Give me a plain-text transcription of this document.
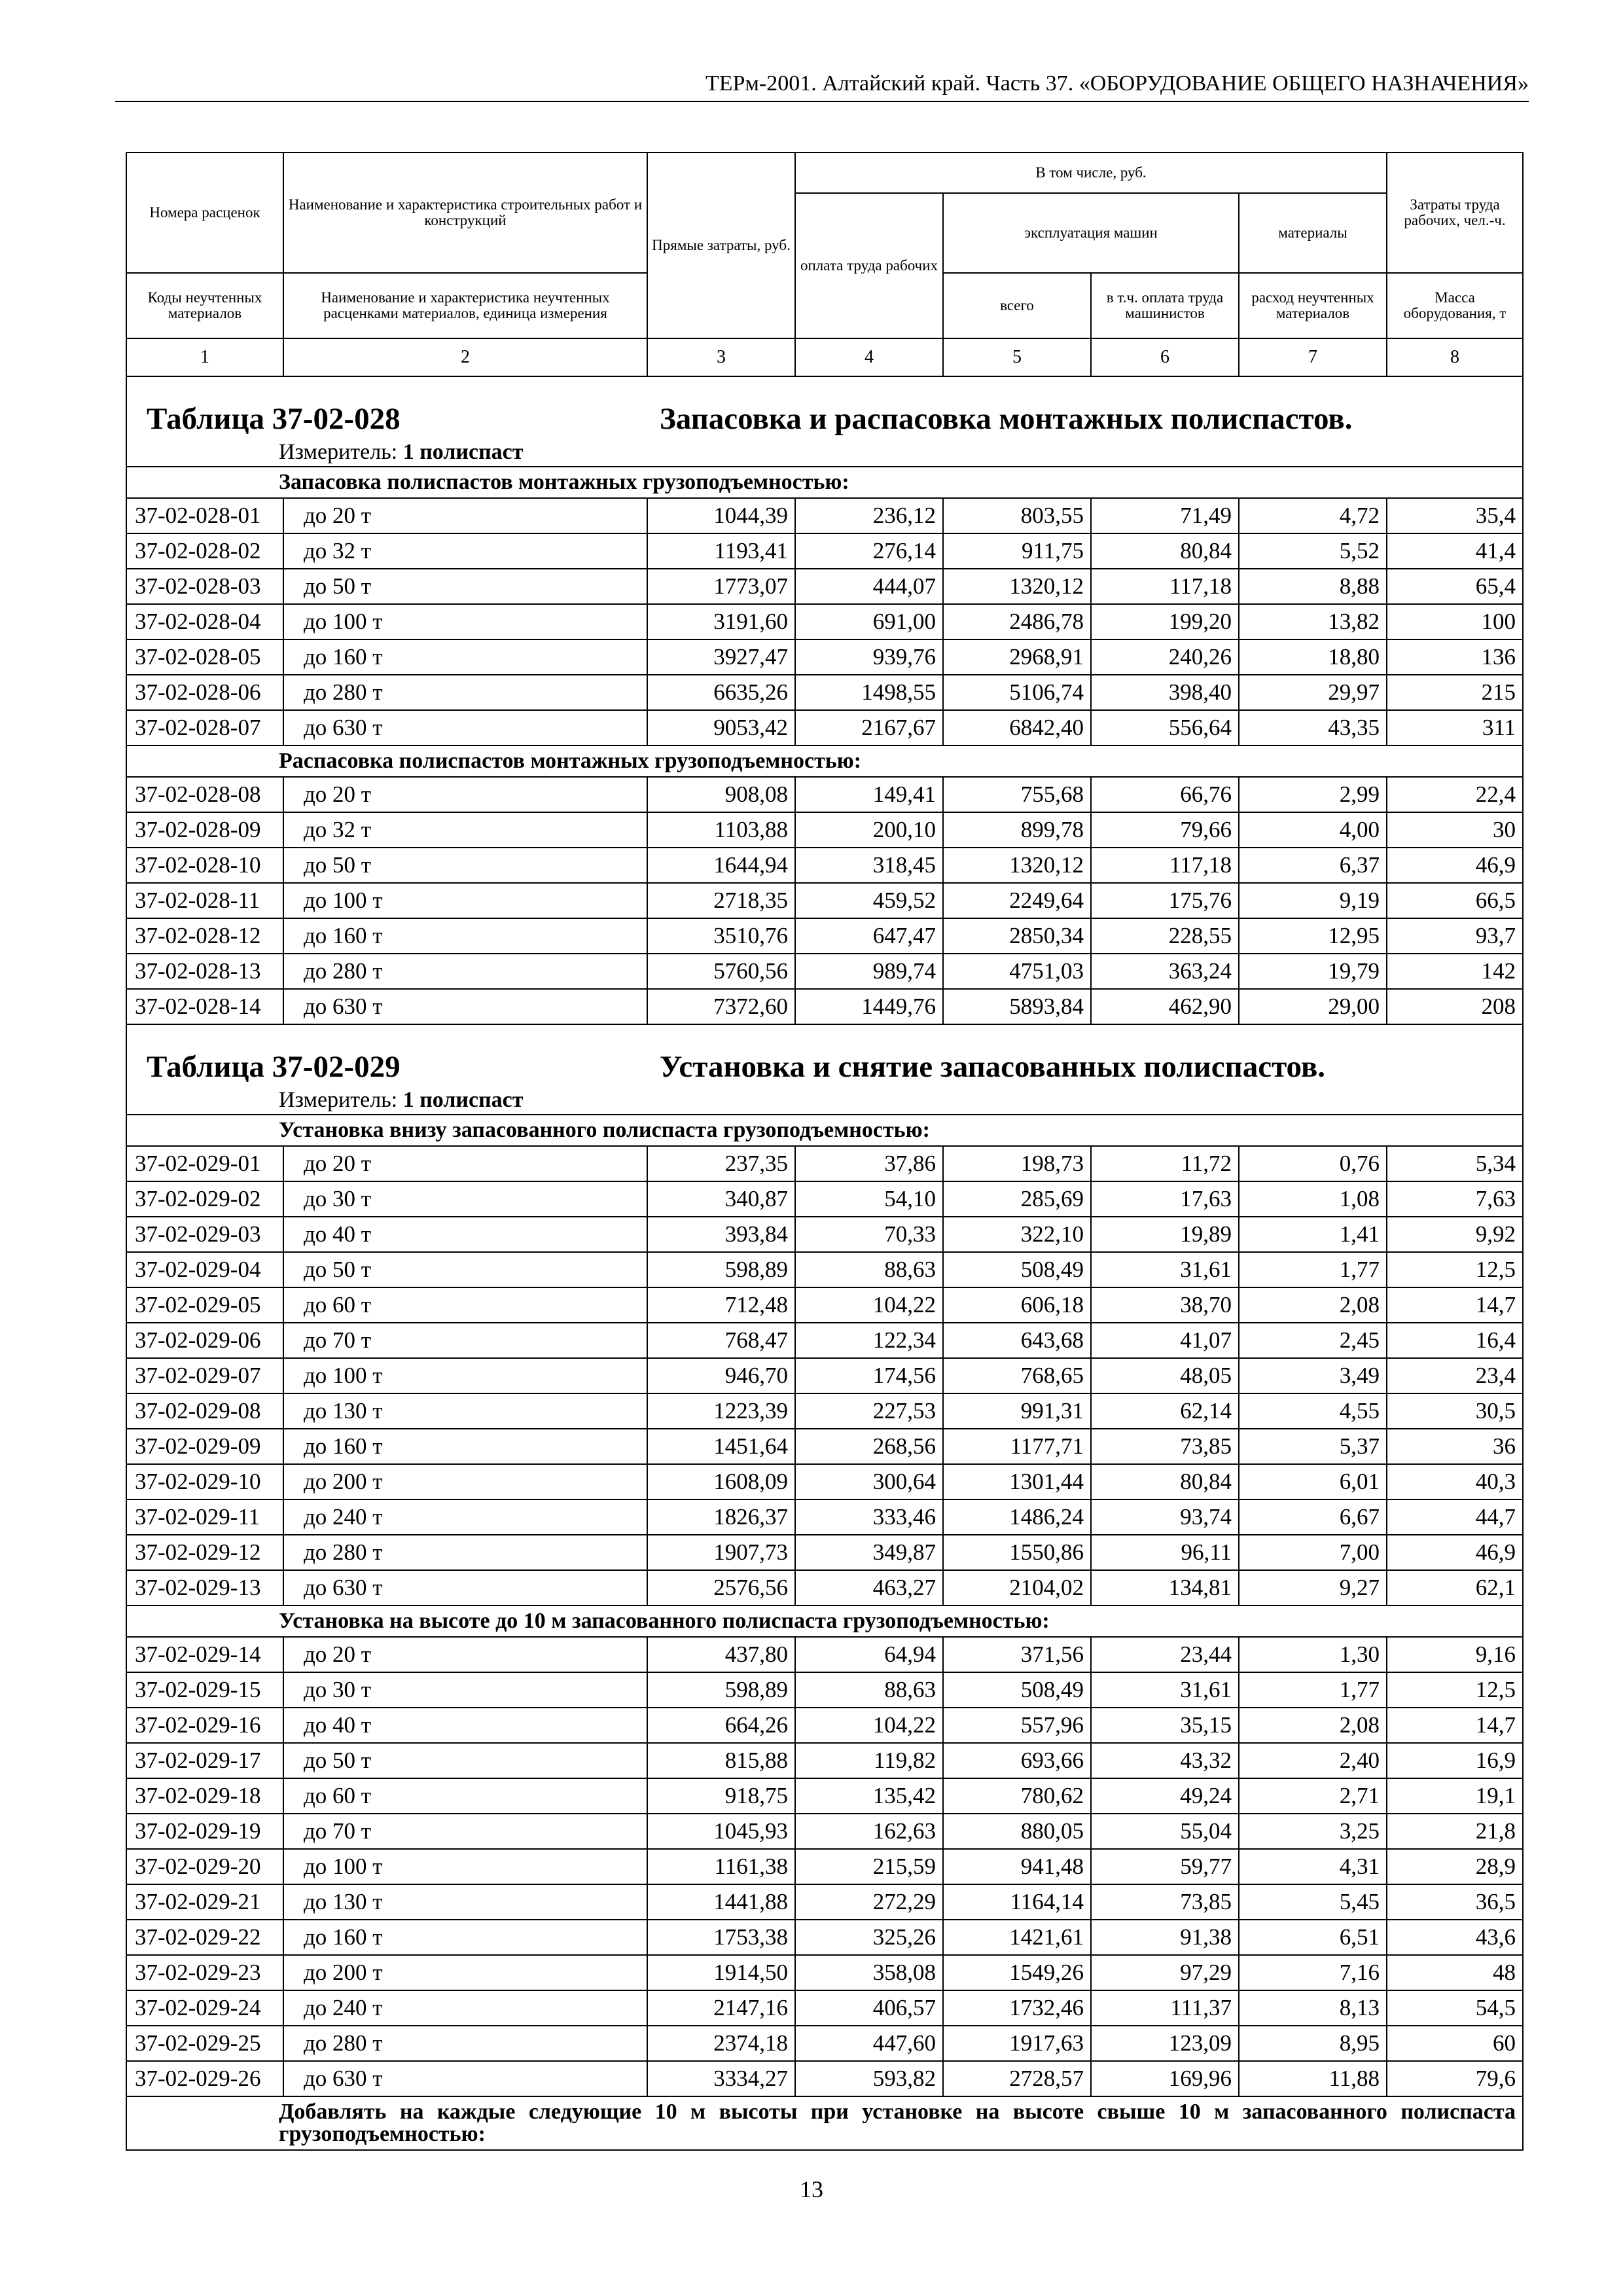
ТЕРм-2001. Алтайский край. Часть 37. «ОБОРУДОВАНИЕ ОБЩЕГО НАЗНАЧЕНИЯ»
Номера расценок	Наименование и характеристика строительных работ и конструкций	Прямые затраты, руб.	В том числе, руб.				Затраты труда рабочих, чел.-ч.
			оплата труда рабочих	эксплуатация машин		материалы	
Коды неучтенных материалов	Наименование и характеристика неучтенных расценками материалов, единица измерения			всего	в т.ч. оплата труда машинистов	расход неучтенных материалов	Масса оборудования, т
1	2	3	4	5	6	7	8
Таблица 37-02-028 Запасовка и распасовка монтажных полиспастов.							
Измеритель: 1 полиспаст							
Запасовка полиспастов монтажных грузоподъемностью:							
37-02-028-01	до 20 т	1044,39	236,12	803,55	71,49	4,72	35,4
37-02-028-02	до 32 т	1193,41	276,14	911,75	80,84	5,52	41,4
37-02-028-03	до 50 т	1773,07	444,07	1320,12	117,18	8,88	65,4
37-02-028-04	до 100 т	3191,60	691,00	2486,78	199,20	13,82	100
37-02-028-05	до 160 т	3927,47	939,76	2968,91	240,26	18,80	136
37-02-028-06	до 280 т	6635,26	1498,55	5106,74	398,40	29,97	215
37-02-028-07	до 630 т	9053,42	2167,67	6842,40	556,64	43,35	311
Распасовка полиспастов монтажных грузоподъемностью:							
37-02-028-08	до 20 т	908,08	149,41	755,68	66,76	2,99	22,4
37-02-028-09	до 32 т	1103,88	200,10	899,78	79,66	4,00	30
37-02-028-10	до 50 т	1644,94	318,45	1320,12	117,18	6,37	46,9
37-02-028-11	до 100 т	2718,35	459,52	2249,64	175,76	9,19	66,5
37-02-028-12	до 160 т	3510,76	647,47	2850,34	228,55	12,95	93,7
37-02-028-13	до 280 т	5760,56	989,74	4751,03	363,24	19,79	142
37-02-028-14	до 630 т	7372,60	1449,76	5893,84	462,90	29,00	208
Таблица 37-02-029 Установка и снятие запасованных полиспастов.							
Измеритель: 1 полиспаст							
Установка внизу запасованного полиспаста грузоподъемностью:							
37-02-029-01	до 20 т	237,35	37,86	198,73	11,72	0,76	5,34
37-02-029-02	до 30 т	340,87	54,10	285,69	17,63	1,08	7,63
37-02-029-03	до 40 т	393,84	70,33	322,10	19,89	1,41	9,92
37-02-029-04	до 50 т	598,89	88,63	508,49	31,61	1,77	12,5
37-02-029-05	до 60 т	712,48	104,22	606,18	38,70	2,08	14,7
37-02-029-06	до 70 т	768,47	122,34	643,68	41,07	2,45	16,4
37-02-029-07	до 100 т	946,70	174,56	768,65	48,05	3,49	23,4
37-02-029-08	до 130 т	1223,39	227,53	991,31	62,14	4,55	30,5
37-02-029-09	до 160 т	1451,64	268,56	1177,71	73,85	5,37	36
37-02-029-10	до 200 т	1608,09	300,64	1301,44	80,84	6,01	40,3
37-02-029-11	до 240 т	1826,37	333,46	1486,24	93,74	6,67	44,7
37-02-029-12	до 280 т	1907,73	349,87	1550,86	96,11	7,00	46,9
37-02-029-13	до 630 т	2576,56	463,27	2104,02	134,81	9,27	62,1
Установка на высоте до 10 м запасованного полиспаста грузоподъемностью:							
37-02-029-14	до 20 т	437,80	64,94	371,56	23,44	1,30	9,16
37-02-029-15	до 30 т	598,89	88,63	508,49	31,61	1,77	12,5
37-02-029-16	до 40 т	664,26	104,22	557,96	35,15	2,08	14,7
37-02-029-17	до 50 т	815,88	119,82	693,66	43,32	2,40	16,9
37-02-029-18	до 60 т	918,75	135,42	780,62	49,24	2,71	19,1
37-02-029-19	до 70 т	1045,93	162,63	880,05	55,04	3,25	21,8
37-02-029-20	до 100 т	1161,38	215,59	941,48	59,77	4,31	28,9
37-02-029-21	до 130 т	1441,88	272,29	1164,14	73,85	5,45	36,5
37-02-029-22	до 160 т	1753,38	325,26	1421,61	91,38	6,51	43,6
37-02-029-23	до 200 т	1914,50	358,08	1549,26	97,29	7,16	48
37-02-029-24	до 240 т	2147,16	406,57	1732,46	111,37	8,13	54,5
37-02-029-25	до 280 т	2374,18	447,60	1917,63	123,09	8,95	60
37-02-029-26	до 630 т	3334,27	593,82	2728,57	169,96	11,88	79,6
Добавлять на каждые следующие 10 м высоты при установке на высоте свыше 10 м запасованного полиспаста грузоподъемностью:							
13
